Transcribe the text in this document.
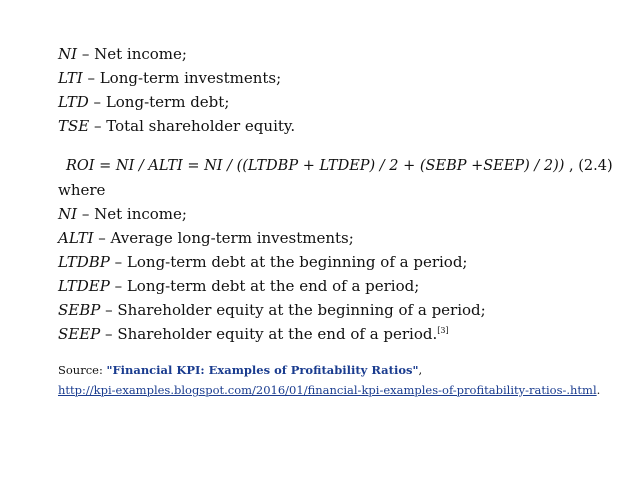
NI – Net income;
LTI – Long-term investments;
LTD – Long-term debt;
TSE – Total shareholder equity.
ROI = NI / ALTI = NI / ((LTDBP + LTDEP) / 2 + (SEBP +SEEP) / 2)) , (2.4)
where
NI – Net income;
ALTI – Average long-term investments;
LTDBP – Long-term debt at the beginning of a period;
LTDEP – Long-term debt at the end of a period;
SEBP – Shareholder equity at the beginning of a period;
SEEP – Shareholder equity at the end of a period.[3]
Source: "Financial KPI: Examples of Profitability Ratios",
http://kpi-examples.blogspot.com/2016/01/financial-kpi-examples-of-profitability-ratios-.html.
